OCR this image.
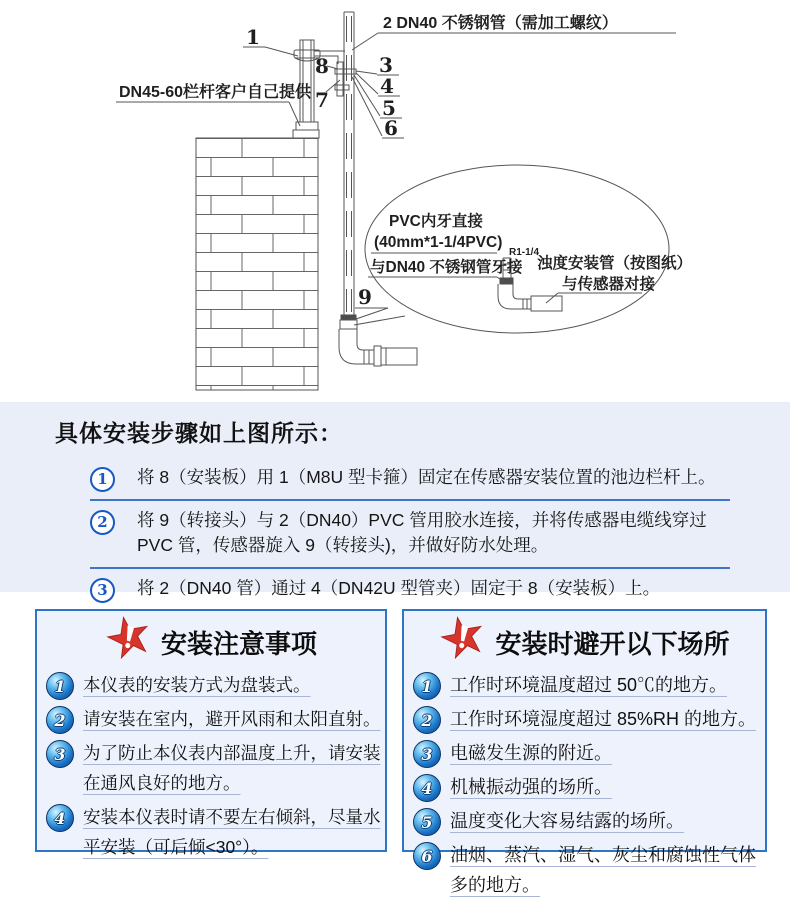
1
2 DN40 不锈钢管（需加工螺纹）
8
7
3
4
5
6
DN45-60栏杆客户自己提供
9
PVC内牙直接
(40mm*1-1/4PVC)
与DN40 不锈钢管牙接
R1-1/4
浊度安装管（按图纸）
与传感器对接
具体安装步骤如上图所示：
1	将 8（安装板）用 1（M8U 型卡箍）固定在传感器安装位置的池边栏杆上。
2	将 9（转接头）与 2（DN40）PVC 管用胶水连接，并将传感器电缆线穿过 PVC 管，传感器旋入 9（转接头)，并做好防水处理。
3	将 2（DN40 管）通过 4（DN42U 型管夹）固定于 8（安装板）上。
安装注意事项
1 本仪表的安装方式为盘装式。
2 请安装在室内，避开风雨和太阳直射。
3 为了防止本仪表内部温度上升，请安装在通风良好的地方。
4 安装本仪表时请不要左右倾斜，尽量水平安装（可后倾<30°）。
安装时避开以下场所
1 工作时环境温度超过 50℃的地方。
2 工作时环境湿度超过 85%RH 的地方。
3 电磁发生源的附近。
4 机械振动强的场所。
5 温度变化大容易结露的场所。
6 油烟、蒸汽、湿气、灰尘和腐蚀性气体多的地方。
